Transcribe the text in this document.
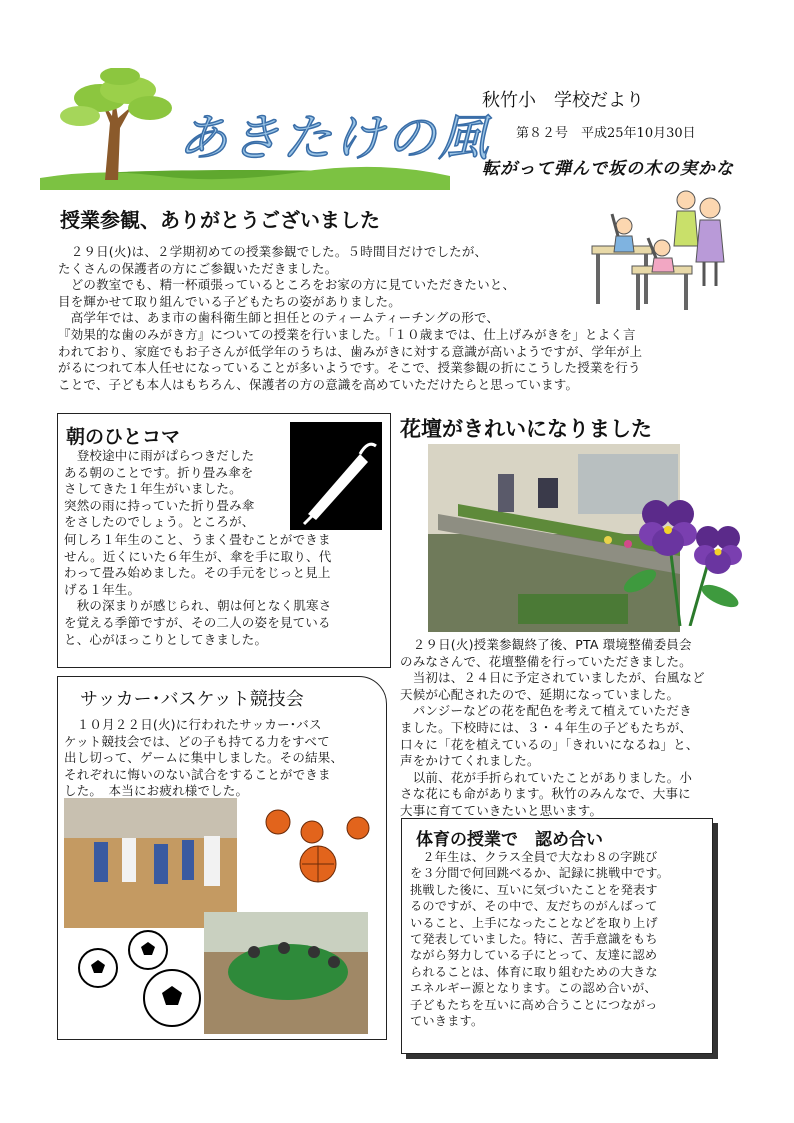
あきたけの風
秋竹小　学校だより
第８２号　平成25年10月30日
転がって弾んで坂の木の実かな
授業参観、ありがとうございました

　２９日(火)は、２学期初めての授業参観でした。５時間目だけでしたが、
たくさんの保護者の方にご参観いただきました。
　どの教室でも、精一杯頑張っているところをお家の方に見ていただきたいと、
目を輝かせて取り組んでいる子どもたちの姿がありました。
　高学年では、あま市の歯科衛生師と担任とのティームティーチングの形で、
『効果的な歯のみがき方』についての授業を行いました。「１０歳までは、仕上げみがきを」とよく言
われており、家庭でもお子さんが低学年のうちは、歯みがきに対する意識が高いようですが、学年が上
がるにつれて本人任せになっていることが多いようです。そこで、授業参観の折にこうした授業を行う
ことで、子ども本人はもちろん、保護者の方の意識を高めていただけたらと思っています。

朝のひとコマ

　登校途中に雨がぱらつきだした
ある朝のことです。折り畳み傘を
さしてきた１年生がいました。
突然の雨に持っていた折り畳み傘
をさしたのでしょう。ところが、

何しろ１年生のこと、うまく畳むことができま
せん。近くにいた６年生が、傘を手に取り、代
わって畳み始めました。その手元をじっと見上
げる１年生。
　秋の深まりが感じられ、朝は何となく肌寒さ
を覚える季節ですが、その二人の姿を見ている
と、心がほっこりとしてきました。

花壇がきれいになりました

　２９日(火)授業参観終了後、PTA 環境整備委員会
のみなさんで、花壇整備を行っていただきました。
　当初は、２４日に予定されていましたが、台風など
天候が心配されたので、延期になっていました。
　パンジーなどの花を配色を考えて植えていただき
ました。下校時には、３・４年生の子どもたちが、
口々に「花を植えているの」「きれいになるね」と、
声をかけてくれました。
　以前、花が手折られていたことがありました。小
さな花にも命があります。秋竹のみんなで、大事に
大事に育てていきたいと思います。

サッカー･バスケット競技会

　１０月２２日(火)に行われたサッカー･バス
ケット競技会では、どの子も持てる力をすべて
出し切って、ゲームに集中しました。その結果、
それぞれに悔いのない試合をすることができま
した。　本当にお疲れ様でした。

体育の授業で　認め合い

　２年生は、クラス全員で大なわ８の字跳び
を３分間で何回跳べるか、記録に挑戦中です。
挑戦した後に、互いに気づいたことを発表す
るのですが、その中で、友だちのがんばって
いること、上手になったことなどを取り上げ
て発表していました。特に、苦手意識をもち
ながら努力している子にとって、友達に認め
られることは、体育に取り組むための大きな
エネルギー源となります。この認め合いが、
子どもたちを互いに高め合うことにつながっ
ていきます。
